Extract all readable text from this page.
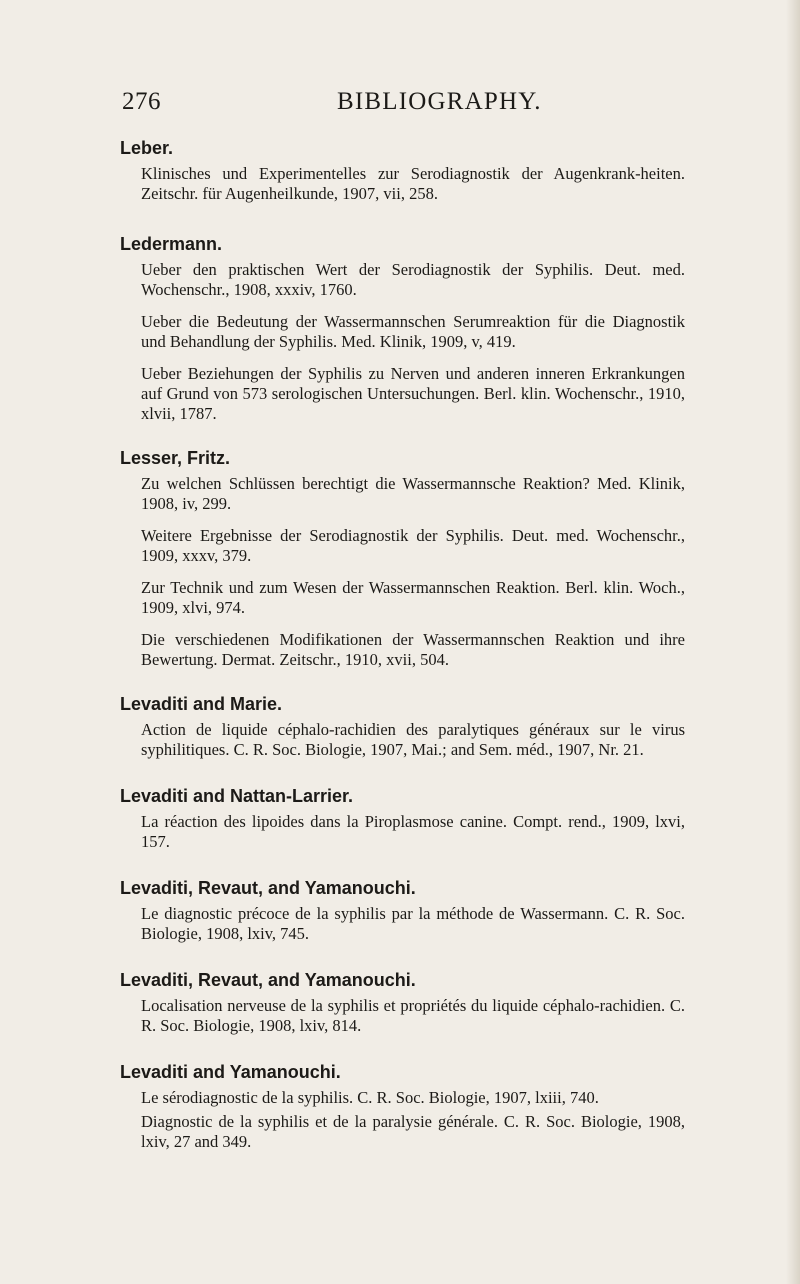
276	BIBLIOGRAPHY.

Leber.

Klinisches und Experimentelles zur Serodiagnostik der Augenkrank-heiten. Zeitschr. für Augenheilkunde, 1907, vii, 258.

Ledermann.

Ueber den praktischen Wert der Serodiagnostik der Syphilis. Deut. med. Wochenschr., 1908, xxxiv, 1760.

Ueber die Bedeutung der Wassermannschen Serumreaktion für die Diagnostik und Behandlung der Syphilis. Med. Klinik, 1909, v, 419.

Ueber Beziehungen der Syphilis zu Nerven und anderen inneren Erkrankungen auf Grund von 573 serologischen Untersuchungen. Berl. klin. Wochenschr., 1910, xlvii, 1787.

Lesser, Fritz.

Zu welchen Schlüssen berechtigt die Wassermannsche Reaktion? Med. Klinik, 1908, iv, 299.

Weitere Ergebnisse der Serodiagnostik der Syphilis. Deut. med. Wochenschr., 1909, xxxv, 379.

Zur Technik und zum Wesen der Wassermannschen Reaktion. Berl. klin. Woch., 1909, xlvi, 974.

Die verschiedenen Modifikationen der Wassermannschen Reaktion und ihre Bewertung. Dermat. Zeitschr., 1910, xvii, 504.

Levaditi and Marie.

Action de liquide céphalo-rachidien des paralytiques généraux sur le virus syphilitiques. C. R. Soc. Biologie, 1907, Mai.; and Sem. méd., 1907, Nr. 21.

Levaditi and Nattan-Larrier.

La réaction des lipoides dans la Piroplasmose canine. Compt. rend., 1909, lxvi, 157.

Levaditi, Revaut, and Yamanouchi.

Le diagnostic précoce de la syphilis par la méthode de Wassermann. C. R. Soc. Biologie, 1908, lxiv, 745.

Levaditi, Revaut, and Yamanouchi.

Localisation nerveuse de la syphilis et propriétés du liquide céphalo-rachidien. C. R. Soc. Biologie, 1908, lxiv, 814.

Levaditi and Yamanouchi.

Le sérodiagnostic de la syphilis. C. R. Soc. Biologie, 1907, lxiii, 740.

Diagnostic de la syphilis et de la paralysie générale. C. R. Soc. Biologie, 1908, lxiv, 27 and 349.
